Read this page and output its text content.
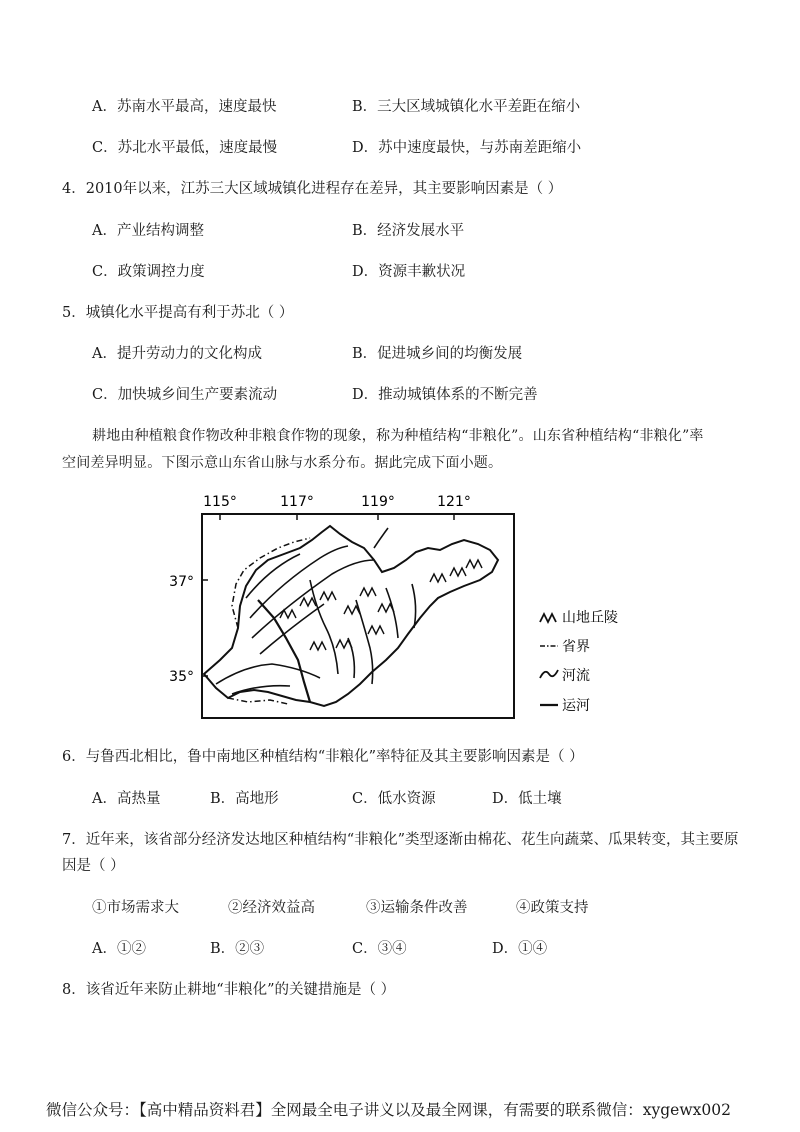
A．苏南水平最高，速度最快	B．三大区域城镇化水平差距在缩小
C．苏北水平最低，速度最慢	D．苏中速度最快，与苏南差距缩小
4．2010年以来，江苏三大区域城镇化进程存在差异，其主要影响因素是（ ）
A．产业结构调整	B．经济发展水平
C．政策调控力度	D．资源丰歉状况
5．城镇化水平提高有利于苏北（ ）
A．提升劳动力的文化构成	B．促进城乡间的均衡发展
C．加快城乡间生产要素流动	D．推动城镇体系的不断完善
耕地由种植粮食作物改种非粮食作物的现象，称为种植结构“非粮化”。山东省种植结构“非粮化”率
空间差异明显。下图示意山东省山脉与水系分布。据此完成下面小题。
115°	117°	119°	121°
37°
35°
山地丘陵
省界
河流
运河
6．与鲁西北相比，鲁中南地区种植结构“非粮化”率特征及其主要影响因素是（ ）
A．高热量	B．高地形	C．低水资源	D．低土壤
7．近年来，该省部分经济发达地区种植结构“非粮化”类型逐渐由棉花、花生向蔬菜、瓜果转变，其主要原
因是（ ）
①市场需求大	②经济效益高	③运输条件改善	④政策支持
A．①②	B．②③	C．③④	D．①④
8．该省近年来防止耕地“非粮化”的关键措施是（ ）
微信公众号：【高中精品资料君】全网最全电子讲义以及最全网课，有需要的联系微信：xygewx002
